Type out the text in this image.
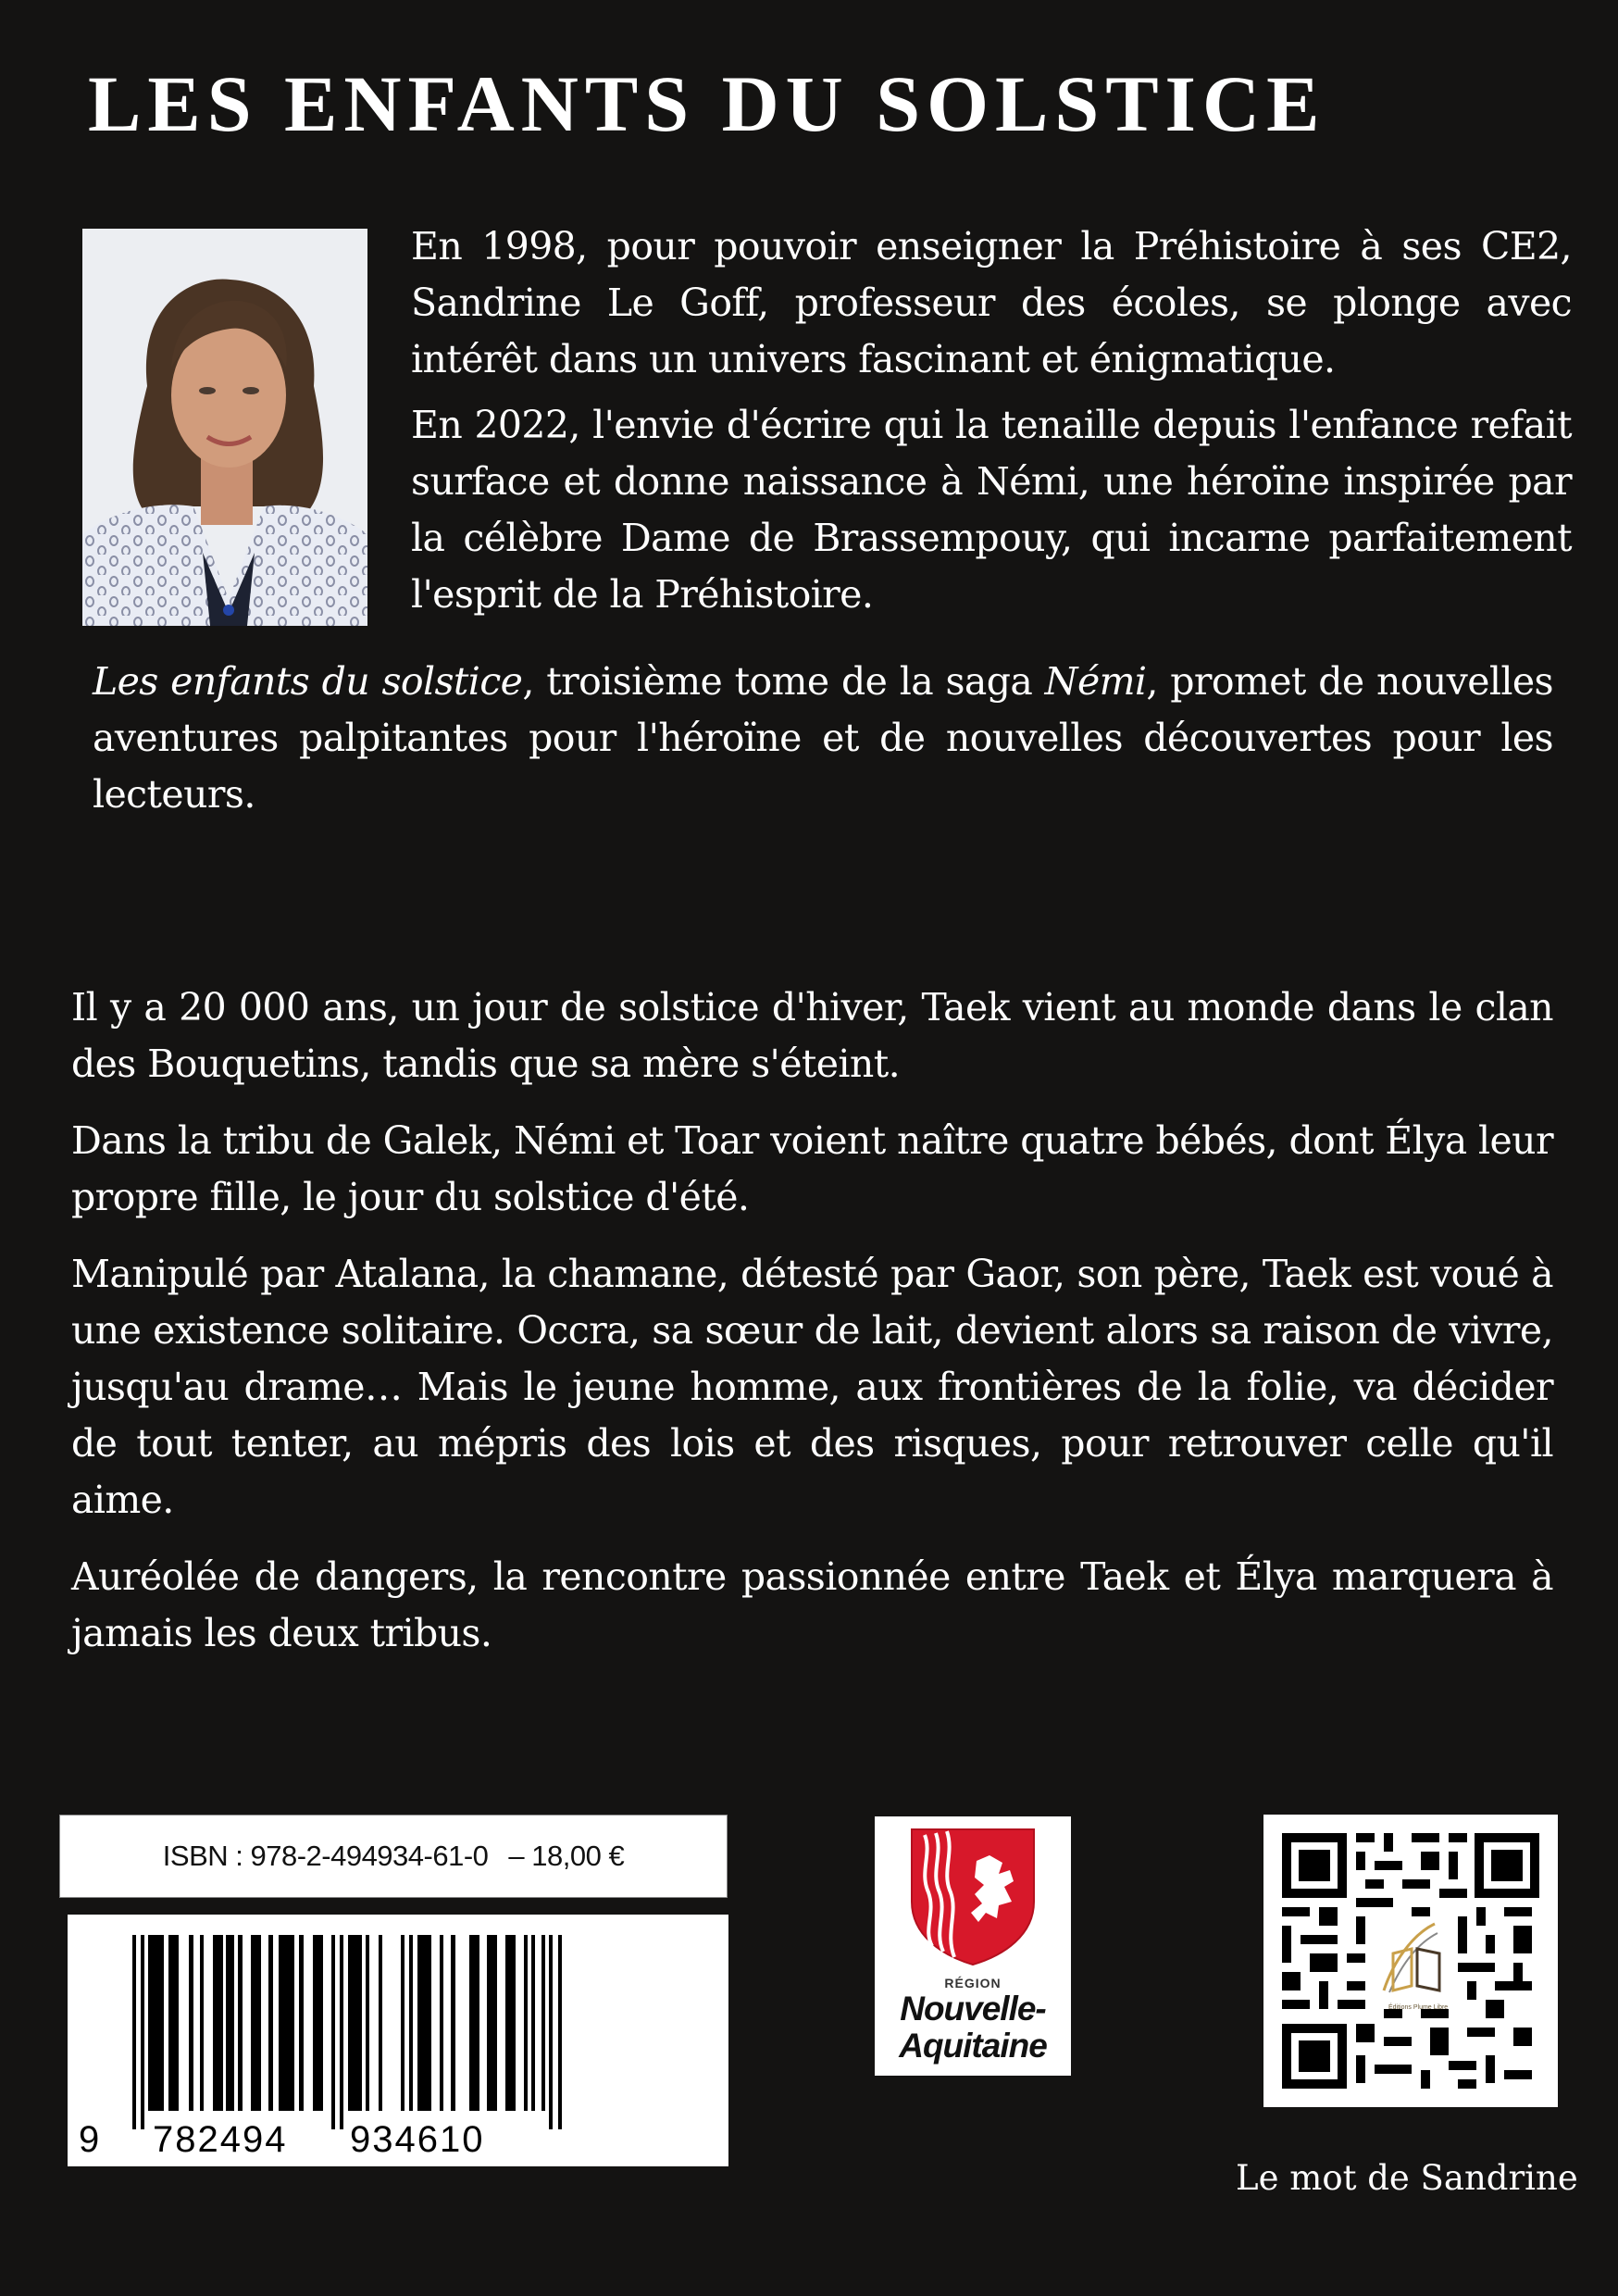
LES ENFANTS DU SOLSTICE

En 1998, pour pouvoir enseigner la Préhistoire à ses CE2, Sandrine Le Goff, professeur des écoles, se plonge avec intérêt dans un univers fascinant et énigmatique.

En 2022, l'envie d'écrire qui la tenaille depuis l'enfance refait surface et donne naissance à Némi, une héroïne inspirée par la célèbre Dame de Brassempouy, qui incarne parfaitement l'esprit de la Préhistoire.

Les enfants du solstice, troisième tome de la saga Némi, promet de nouvelles aventures palpitantes pour l'héroïne et de nouvelles découvertes pour les lecteurs.

Il y a 20 000 ans, un jour de solstice d'hiver, Taek vient au monde dans le clan des Bouquetins, tandis que sa mère s'éteint.

Dans la tribu de Galek, Némi et Toar voient naître quatre bébés, dont Élya leur propre fille, le jour du solstice d'été.

Manipulé par Atalana, la chamane, détesté par Gaor, son père, Taek est voué à une existence solitaire. Occra, sa sœur de lait, devient alors sa raison de vivre, jusqu'au drame… Mais le jeune homme, aux frontières de la folie, va décider de tout tenter, au mépris des lois et des risques, pour retrouver celle qu'il aime.

Auréolée de dangers, la rencontre passionnée entre Taek et Élya marquera à jamais les deux tribus.

ISBN : 978-2-494934-61-0 – 18,00 €
9 782494 934610
RÉGION
Nouvelle-
Aquitaine
Éditions Plume Libre
Le mot de Sandrine
